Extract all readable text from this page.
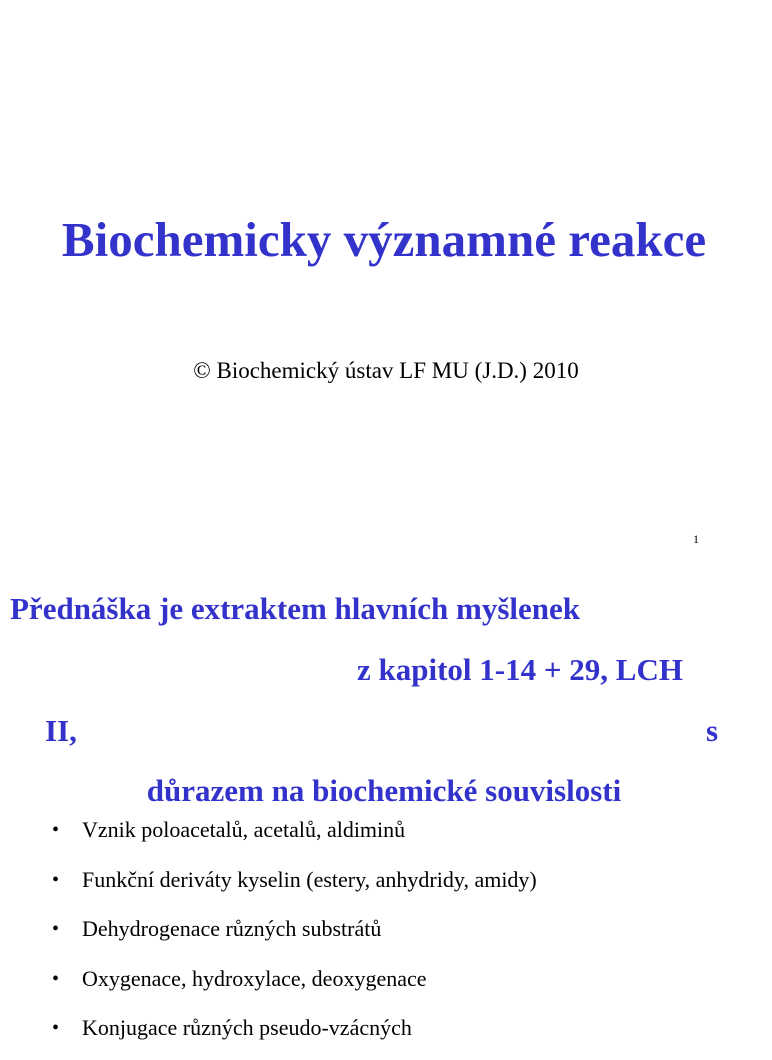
Biochemicky významné reakce
© Biochemický ústav LF MU (J.D.) 2010
1
Přednáška je extraktem hlavních myšlenek
z kapitol 1-14 + 29, LCH
II,	s
důrazem na biochemické souvislosti
• Vznik poloacetalů, acetalů, aldiminů
• Funkční deriváty kyselin (estery, anhydridy, amidy)
• Dehydrogenace různých substrátů
• Oxygenace, hydroxylace, deoxygenace
• Konjugace různých pseudo-vzácných
